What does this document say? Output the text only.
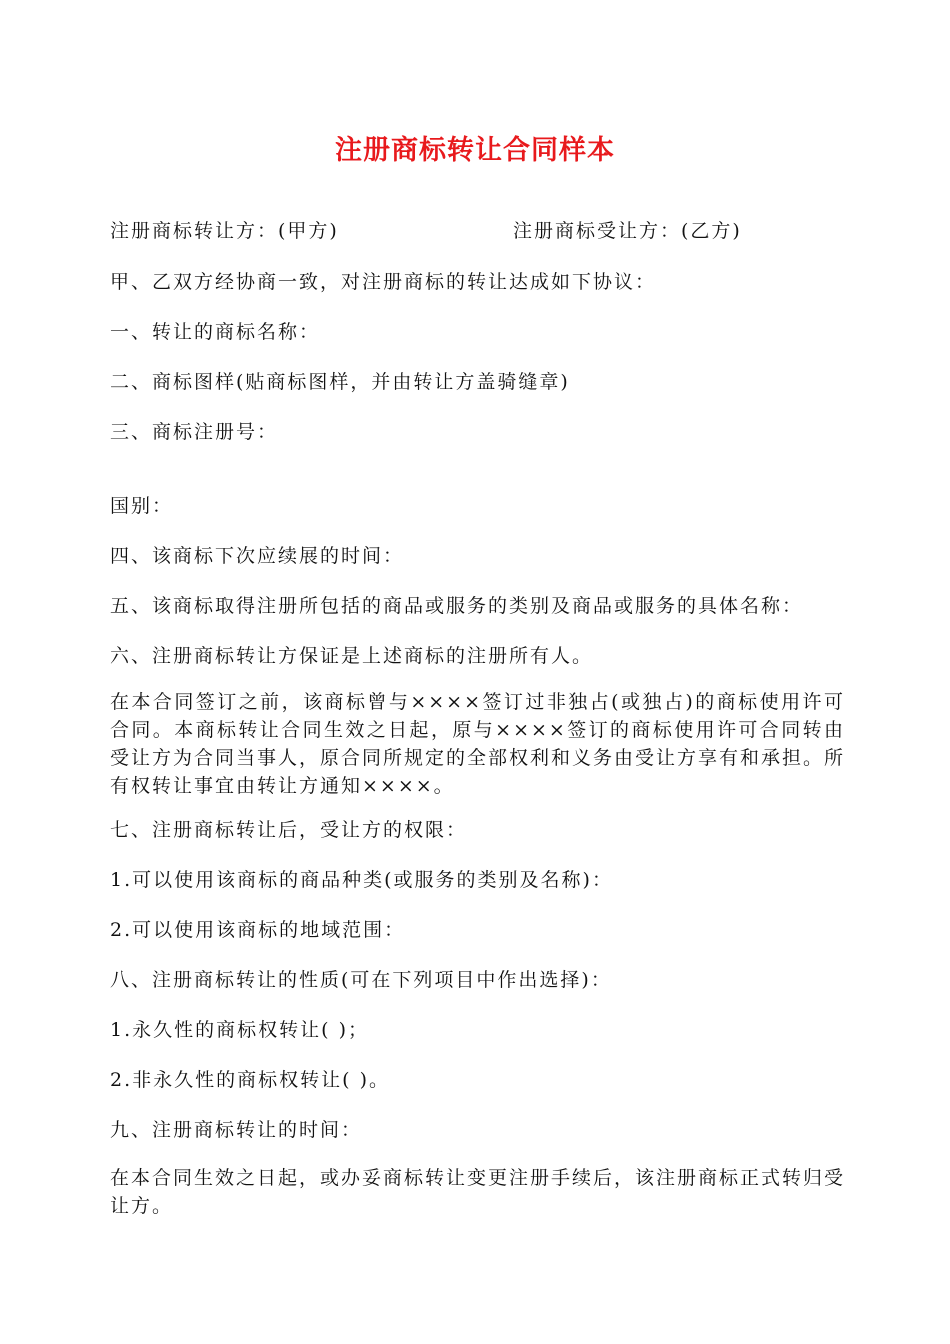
注册商标转让合同样本

注册商标转让方：(甲方)	注册商标受让方：(乙方)

甲、乙双方经协商一致，对注册商标的转让达成如下协议：

一、转让的商标名称：

二、商标图样(贴商标图样，并由转让方盖骑缝章)

三、商标注册号：

国别：

四、该商标下次应续展的时间：

五、该商标取得注册所包括的商品或服务的类别及商品或服务的具体名称：

六、注册商标转让方保证是上述商标的注册所有人。

在本合同签订之前，该商标曾与××××签订过非独占(或独占)的商标使用许可合同。本商标转让合同生效之日起，原与××××签订的商标使用许可合同转由受让方为合同当事人，原合同所规定的全部权利和义务由受让方享有和承担。所有权转让事宜由转让方通知××××。

七、注册商标转让后，受让方的权限：

1.可以使用该商标的商品种类(或服务的类别及名称)：

2.可以使用该商标的地域范围：

八、注册商标转让的性质(可在下列项目中作出选择)：

1.永久性的商标权转让( )；

2.非永久性的商标权转让( )。

九、注册商标转让的时间：

在本合同生效之日起，或办妥商标转让变更注册手续后，该注册商标正式转归受让方。
